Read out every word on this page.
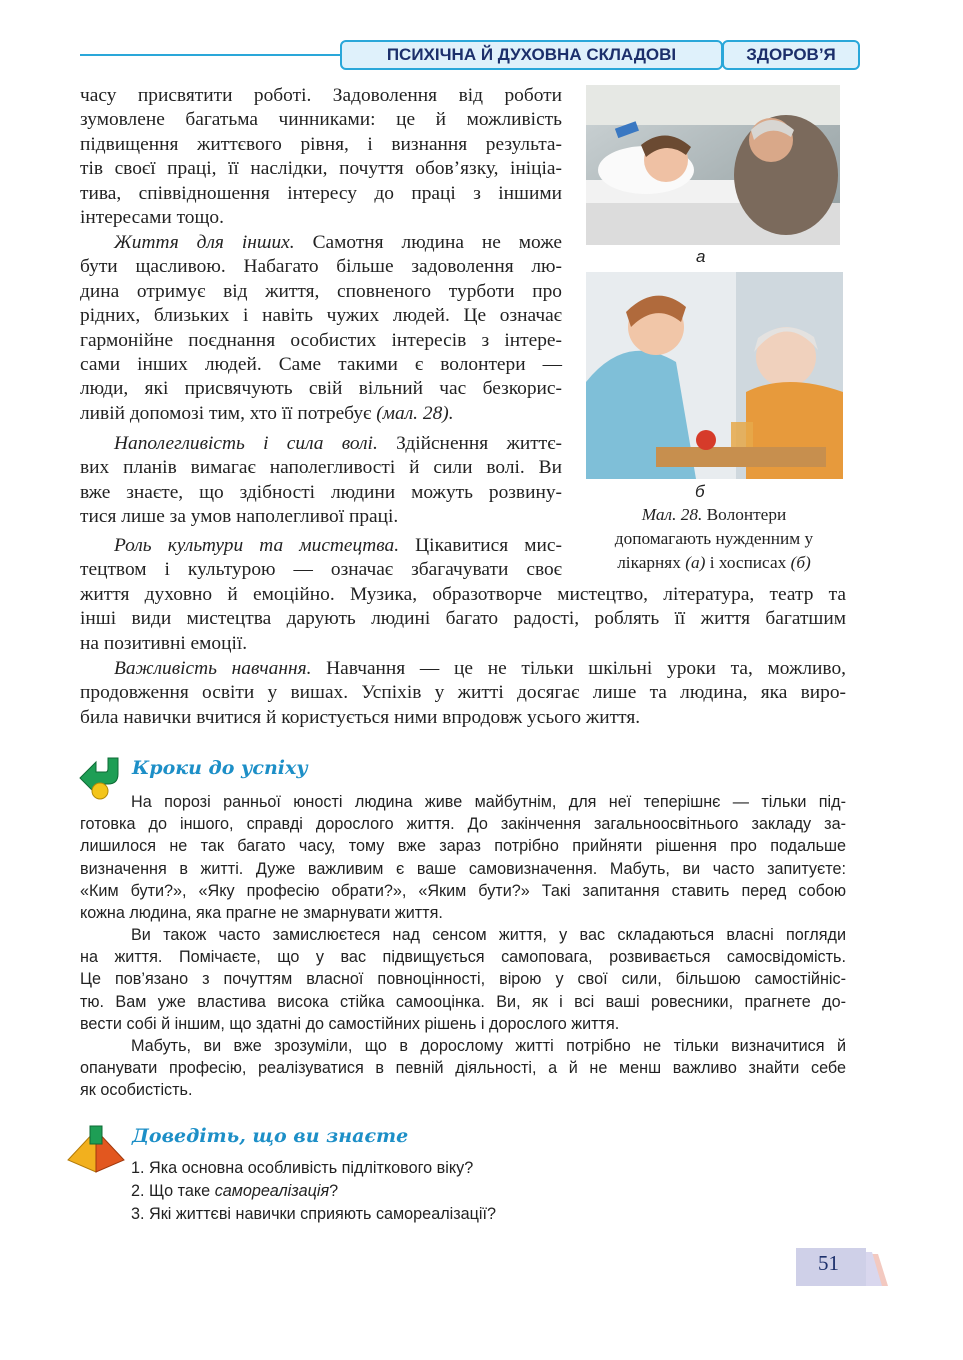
ПСИХІЧНА Й ДУХОВНА СКЛАДОВІ	ЗДОРОВ’Я
часу присвятити роботі. Задоволення від роботи
зумовлене багатьма чинниками: це й можливість
підвищення життєвого рівня, і визнання результа-
тів своєї праці, її наслідки, почуття обов’язку, ініціа-
тива, співвідношення інтересу до праці з іншими
інтересами тощо.
Життя для інших. Самотня людина не може
бути щасливою. Набагато більше задоволення лю-
дина отримує від життя, сповненого турботи про
рідних, близьких і навіть чужих людей. Це означає
гармонійне поєднання особистих інтересів з інтере-
сами інших людей. Саме такими є волонтери —
люди, які присвячують свій вільний час безкорис-
ливій допомозі тим, хто її потребує (мал. 28).
Наполегливість і сила волі. Здійснення життє-
вих планів вимагає наполегливості й сили волі. Ви
вже знаєте, що здібності людини можуть розвину-
тися лише за умов наполегливої праці.
Роль культури та мистецтва. Цікавитися мис-
тецтвом і культурою — означає збагачувати своє
життя духовно й емоційно. Музика, образотворче мистецтво, література, театр та
інші види мистецтва дарують людині багато радості, роблять її життя багатшим
на позитивні емоції.
Важливість навчання. Навчання — це не тільки шкільні уроки та, можливо,
продовження освіти у вишах. Успіхів у житті досягає лише та людина, яка виро-
била навички вчитися й користується ними впродовж усього життя.
а
б
Мал. 28. Волонтери
допомагають нужденним у
лікарнях (а) і хосписах (б)
Кроки до успіху
На порозі ранньої юності людина живе майбутнім, для неї теперішнє — тільки під-
готовка до іншого, справді дорослого життя. До закінчення загальноосвітнього закладу за-
лишилося не так багато часу, тому вже зараз потрібно прийняти рішення про подальше
визначення в житті. Дуже важливим є ваше самовизначення. Мабуть, ви часто запитуєте:
«Ким бути?», «Яку професію обрати?», «Яким бути?» Такі запитання ставить перед собою
кожна людина, яка прагне не змарнувати життя.
Ви також часто замислюєтеся над сенсом життя, у вас складаються власні погляди
на життя. Помічаєте, що у вас підвищується самоповага, розвивається самосвідомість.
Це пов’язано з почуттям власної повноцінності, вірою у свої сили, більшою самостійніс-
тю. Вам уже властива висока стійка самооцінка. Ви, як і всі ваші ровесники, прагнете до-
вести собі й іншим, що здатні до самостійних рішень і дорослого життя.
Мабуть, ви вже зрозуміли, що в дорослому житті потрібно не тільки визначитися й
опанувати професію, реалізуватися в певній діяльності, а й не менш важливо знайти себе
як особистість.
Доведіть, що ви знаєте
1. Яка основна особливість підліткового віку?
2. Що таке самореалізація?
3. Які життєві навички сприяють самореалізації?
51
